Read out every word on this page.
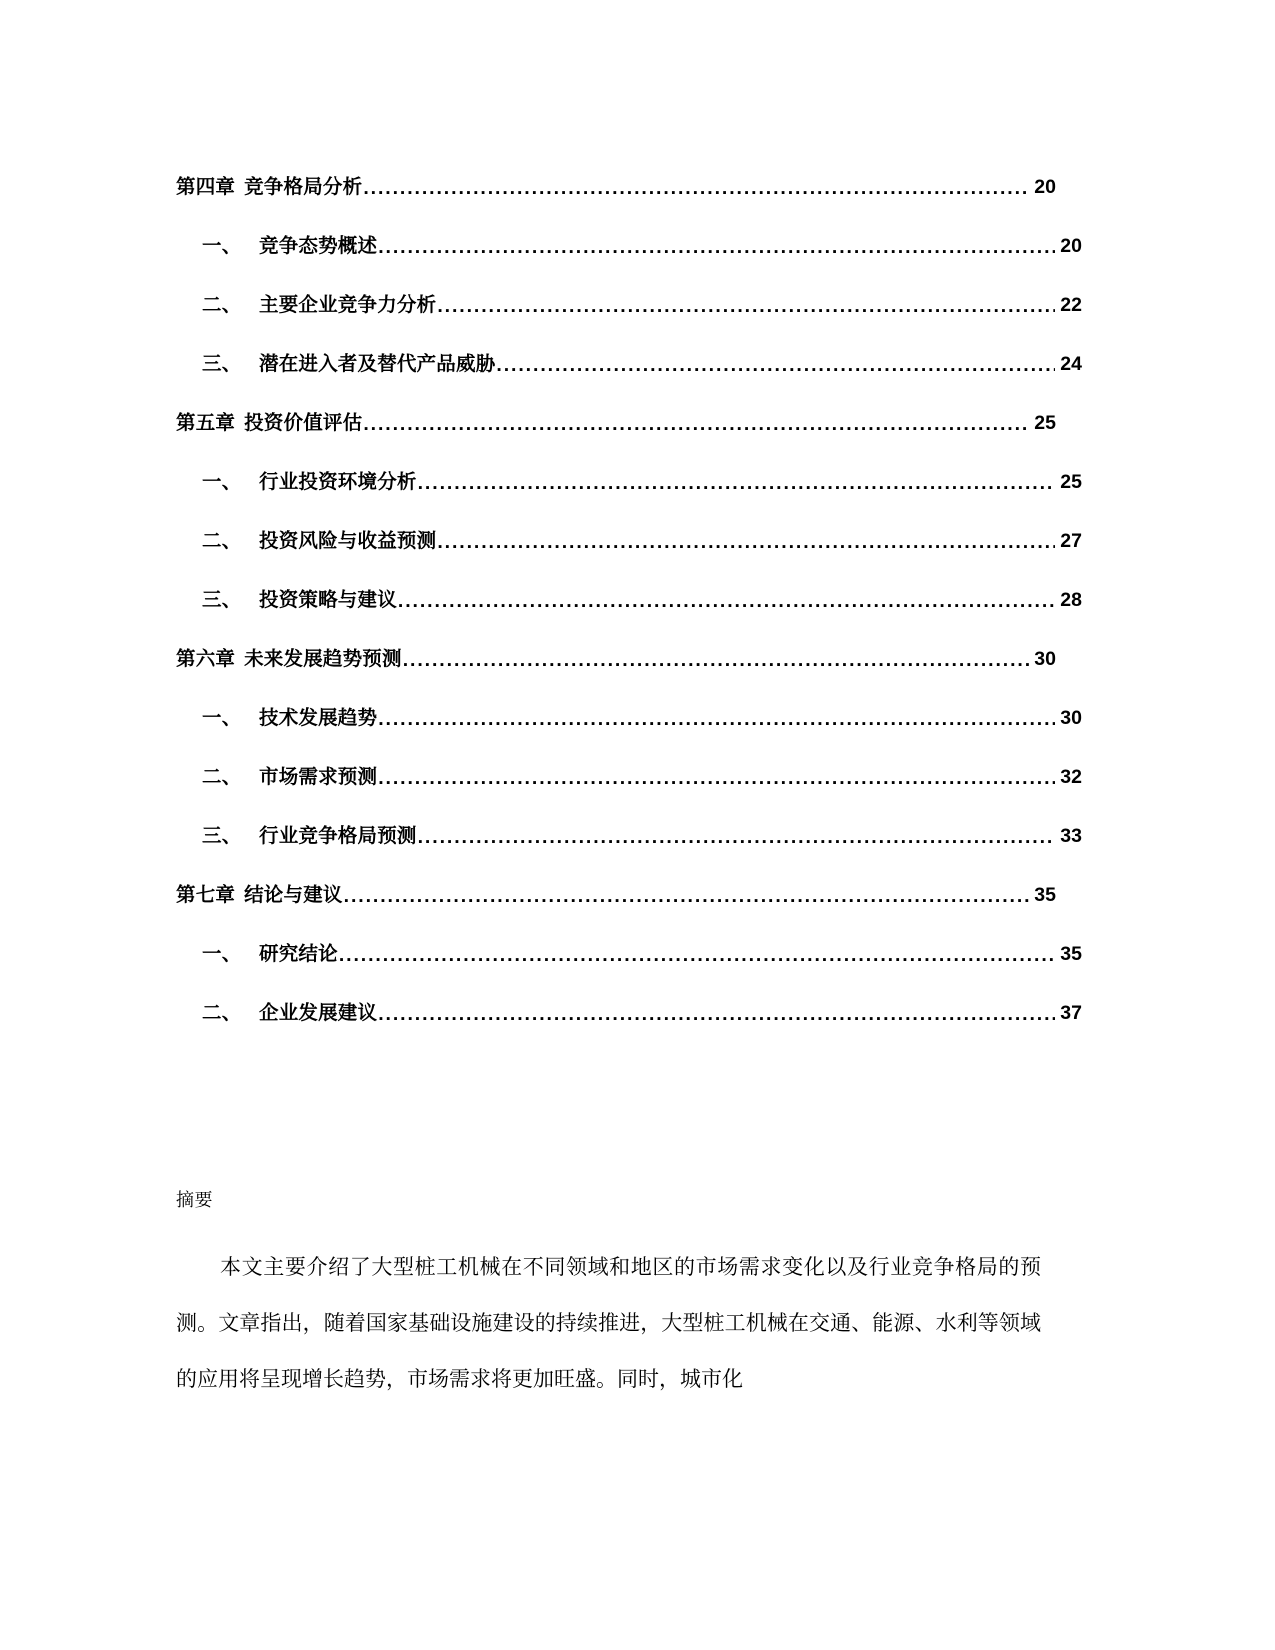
第四章 竞争格局分析 .....	20
一、 竞争态势概述 .....	20
二、 主要企业竞争力分析 .....	22
三、 潜在进入者及替代产品威胁 .....	24
第五章 投资价值评估 .....	25
一、 行业投资环境分析 .....	25
二、 投资风险与收益预测 .....	27
三、 投资策略与建议 .....	28
第六章 未来发展趋势预测 .....	30
一、 技术发展趋势 .....	30
二、 市场需求预测 .....	32
三、 行业竞争格局预测 .....	33
第七章 结论与建议 .....	35
一、 研究结论 .....	35
二、 企业发展建议 .....	37
摘要
本文主要介绍了大型桩工机械在不同领域和地区的市场需求变化以及行业竞争格局的预测。文章指出，随着国家基础设施建设的持续推进，大型桩工机械在交通、能源、水利等领域的应用将呈现增长趋势，市场需求将更加旺盛。同时，城市化
